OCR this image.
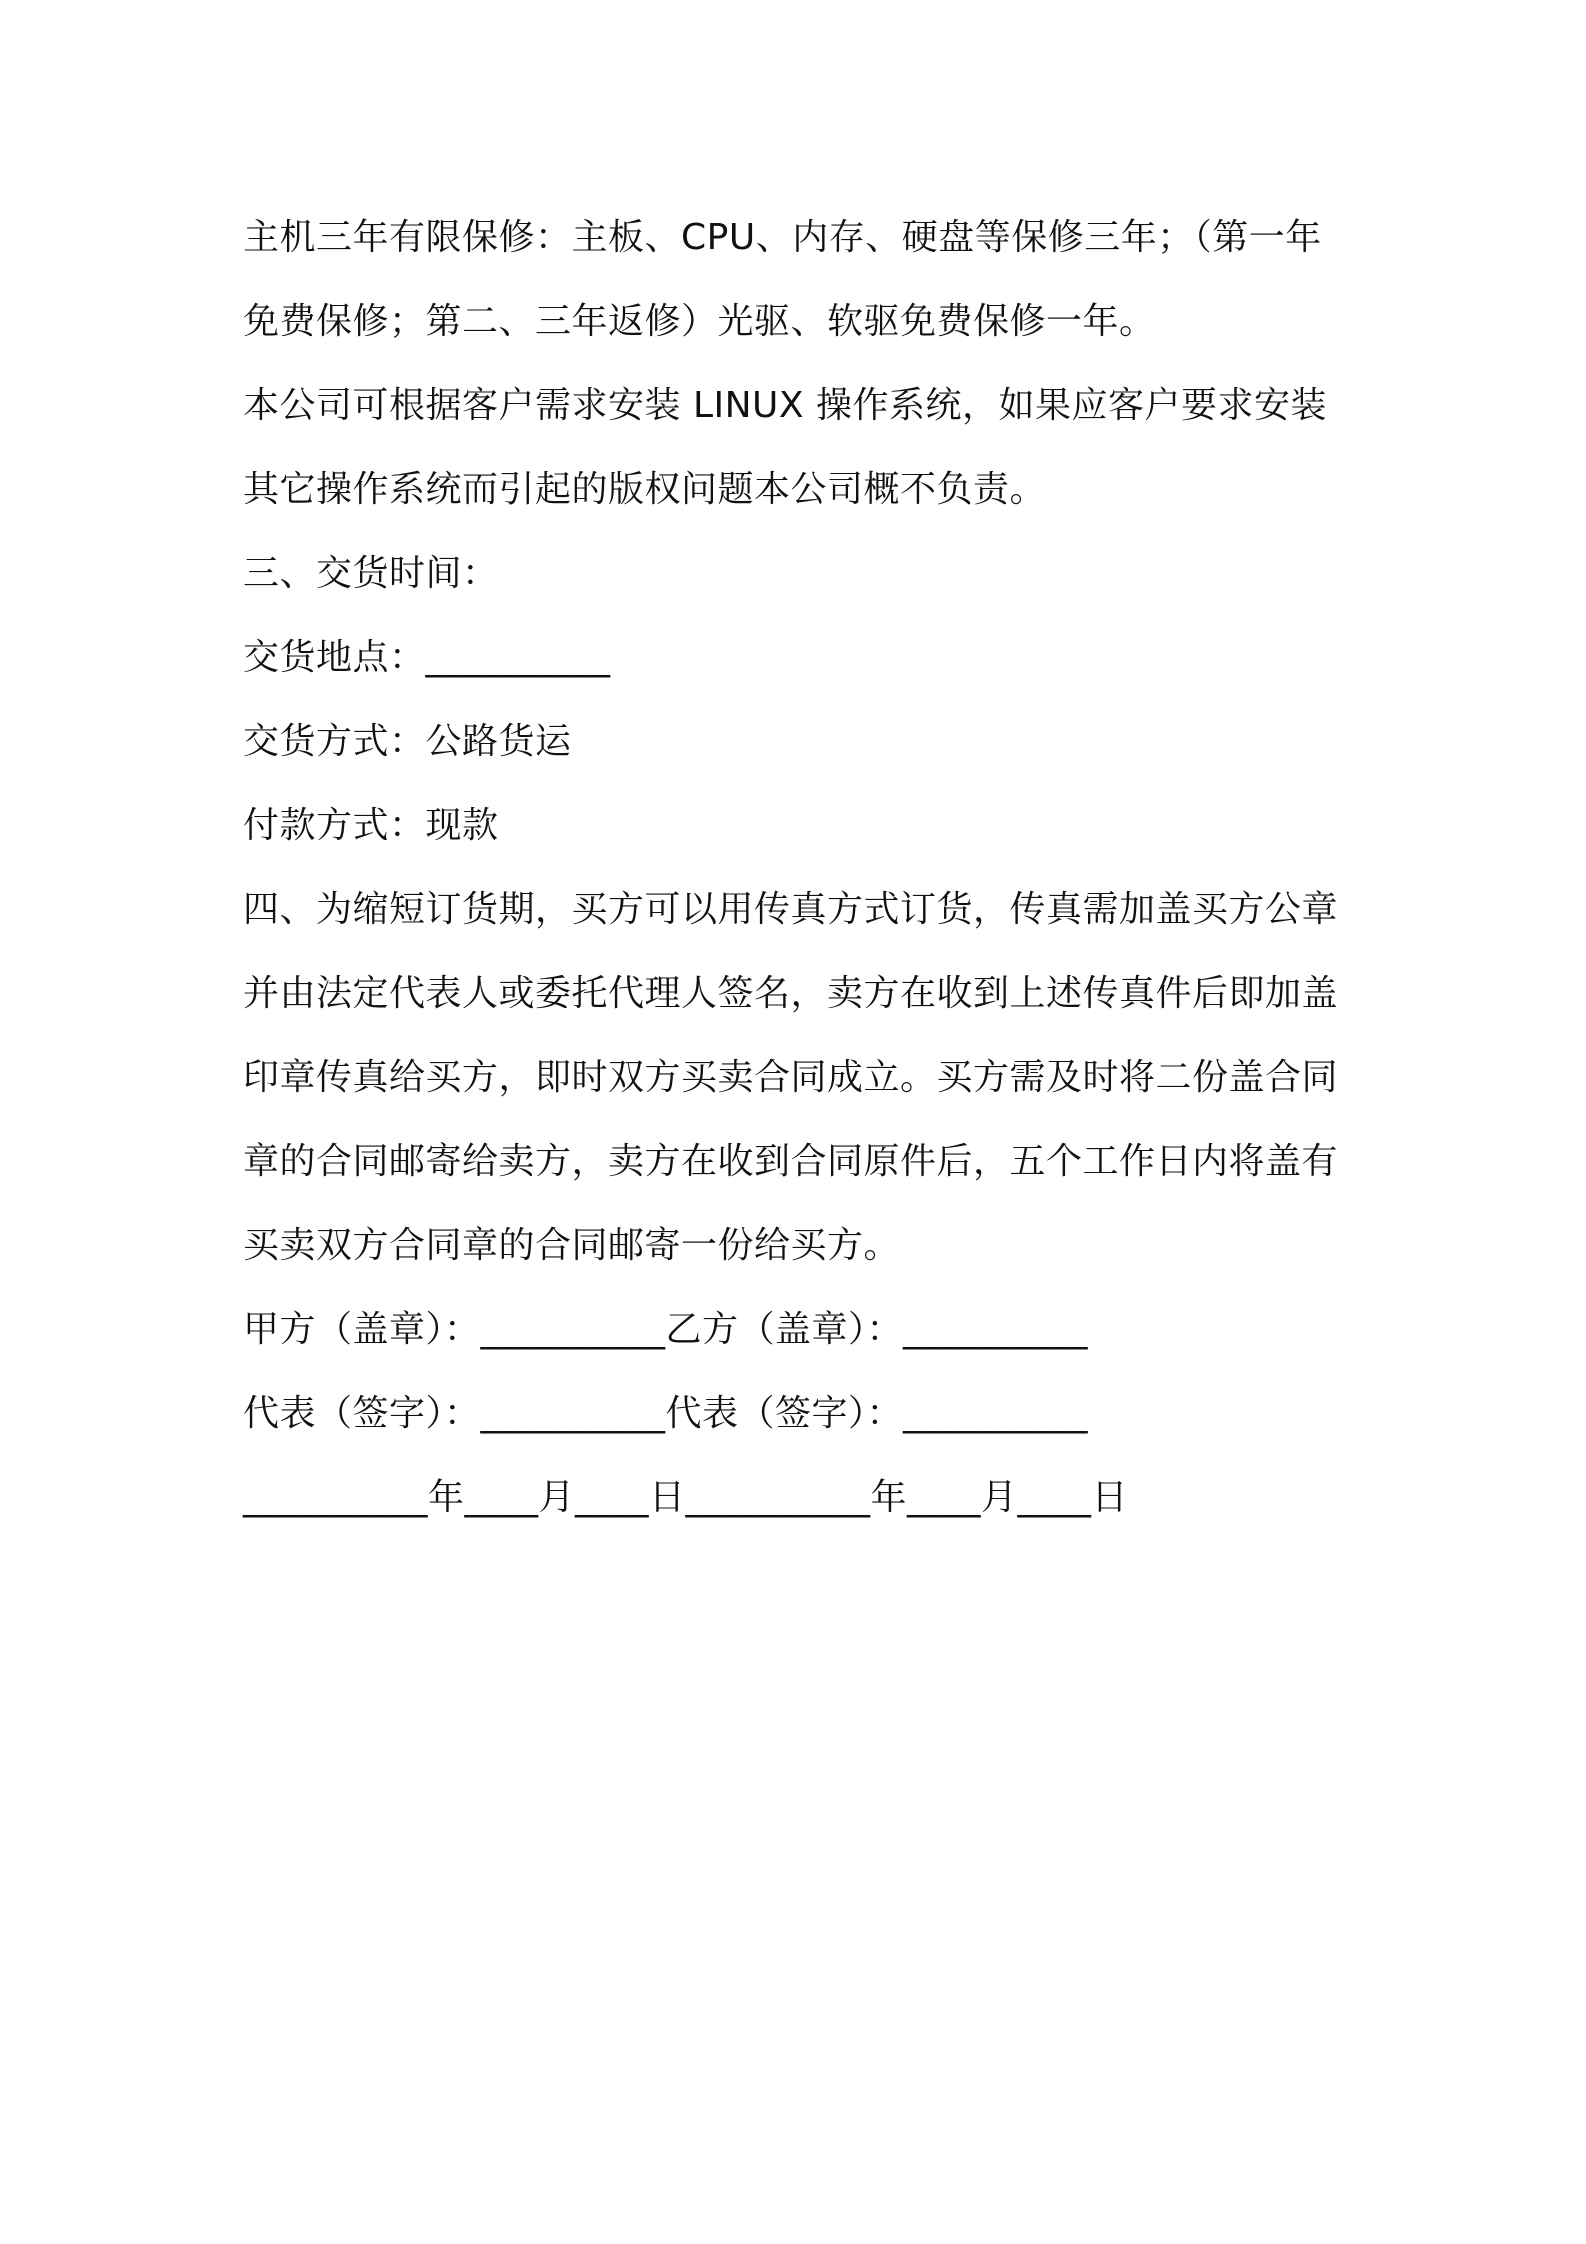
主机三年有限保修：主板、CPU、内存、硬盘等保修三年；（第一年
免费保修；第二、三年返修）光驱、软驱免费保修一年。
本公司可根据客户需求安装 LINUX 操作系统，如果应客户要求安装
其它操作系统而引起的版权问题本公司概不负责。
三、交货时间：
交货地点：__________
交货方式：公路货运
付款方式：现款
四、为缩短订货期，买方可以用传真方式订货，传真需加盖买方公章
并由法定代表人或委托代理人签名，卖方在收到上述传真件后即加盖
印章传真给买方，即时双方买卖合同成立。买方需及时将二份盖合同
章的合同邮寄给卖方，卖方在收到合同原件后，五个工作日内将盖有
买卖双方合同章的合同邮寄一份给买方。
甲方（盖章）：__________乙方（盖章）：__________
代表（签字）：__________代表（签字）：__________
__________年____月____日__________年____月____日
